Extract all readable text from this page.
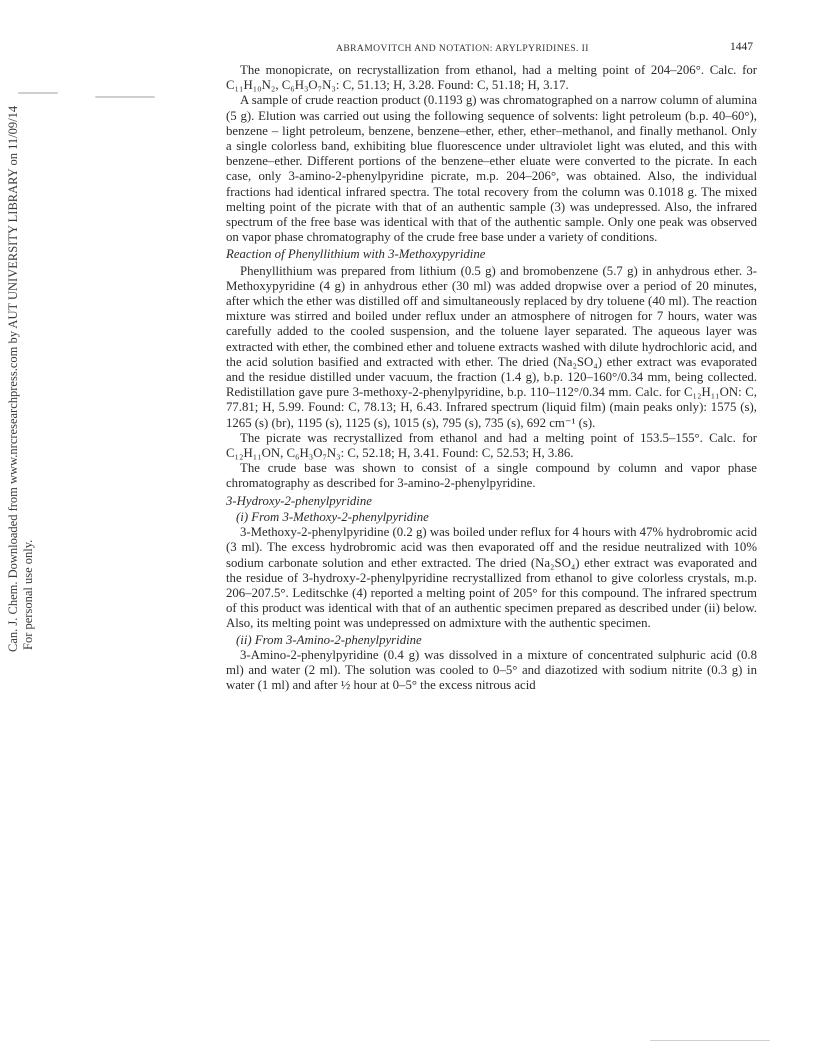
Can. J. Chem. Downloaded from www.nrcresearchpress.com by AUT UNIVERSITY LIBRARY on 11/09/14 For personal use only.
ABRAMOVITCH AND NOTATION: ARYLPYRIDINES. II	1447

The monopicrate, on recrystallization from ethanol, had a melting point of 204–206°. Calc. for C₁₁H₁₀N₂, C₆H₃O₇N₃: C, 51.13; H, 3.28. Found: C, 51.18; H, 3.17.

A sample of crude reaction product (0.1193 g) was chromatographed on a narrow column of alumina (5 g). Elution was carried out using the following sequence of solvents: light petroleum (b.p. 40–60°), benzene – light petroleum, benzene, benzene–ether, ether, ether–methanol, and finally methanol. Only a single colorless band, exhibiting blue fluorescence under ultraviolet light was eluted, and this with benzene–ether. Different portions of the benzene–ether eluate were converted to the picrate. In each case, only 3-amino-2-phenylpyridine picrate, m.p. 204–206°, was obtained. Also, the individual fractions had identical infrared spectra. The total recovery from the column was 0.1018 g. The mixed melting point of the picrate with that of an authentic sample (3) was undepressed. Also, the infrared spectrum of the free base was identical with that of the authentic sample. Only one peak was observed on vapor phase chromatography of the crude free base under a variety of conditions.

Reaction of Phenyllithium with 3-Methoxypyridine

Phenyllithium was prepared from lithium (0.5 g) and bromobenzene (5.7 g) in anhydrous ether. 3-Methoxypyridine (4 g) in anhydrous ether (30 ml) was added dropwise over a period of 20 minutes, after which the ether was distilled off and simultaneously replaced by dry toluene (40 ml). The reaction mixture was stirred and boiled under reflux under an atmosphere of nitrogen for 7 hours, water was carefully added to the cooled suspension, and the toluene layer separated. The aqueous layer was extracted with ether, the combined ether and toluene extracts washed with dilute hydrochloric acid, and the acid solution basified and extracted with ether. The dried (Na₂SO₄) ether extract was evaporated and the residue distilled under vacuum, the fraction (1.4 g), b.p. 120–160°/0.34 mm, being collected. Redistillation gave pure 3-methoxy-2-phenylpyridine, b.p. 110–112°/0.34 mm. Calc. for C₁₂H₁₁ON: C, 77.81; H, 5.99. Found: C, 78.13; H, 6.43. Infrared spectrum (liquid film) (main peaks only): 1575 (s), 1265 (s) (br), 1195 (s), 1125 (s), 1015 (s), 795 (s), 735 (s), 692 cm⁻¹ (s).

The picrate was recrystallized from ethanol and had a melting point of 153.5–155°. Calc. for C₁₂H₁₁ON, C₆H₃O₇N₃: C, 52.18; H, 3.41. Found: C, 52.53; H, 3.86.

The crude base was shown to consist of a single compound by column and vapor phase chromatography as described for 3-amino-2-phenylpyridine.

3-Hydroxy-2-phenylpyridine

(i) From 3-Methoxy-2-phenylpyridine

3-Methoxy-2-phenylpyridine (0.2 g) was boiled under reflux for 4 hours with 47% hydrobromic acid (3 ml). The excess hydrobromic acid was then evaporated off and the residue neutralized with 10% sodium carbonate solution and ether extracted. The dried (Na₂SO₄) ether extract was evaporated and the residue of 3-hydroxy-2-phenylpyridine recrystallized from ethanol to give colorless crystals, m.p. 206–207.5°. Leditschke (4) reported a melting point of 205° for this compound. The infrared spectrum of this product was identical with that of an authentic specimen prepared as described under (ii) below. Also, its melting point was undepressed on admixture with the authentic specimen.

(ii) From 3-Amino-2-phenylpyridine

3-Amino-2-phenylpyridine (0.4 g) was dissolved in a mixture of concentrated sulphuric acid (0.8 ml) and water (2 ml). The solution was cooled to 0–5° and diazotized with sodium nitrite (0.3 g) in water (1 ml) and after ½ hour at 0–5° the excess nitrous acid
